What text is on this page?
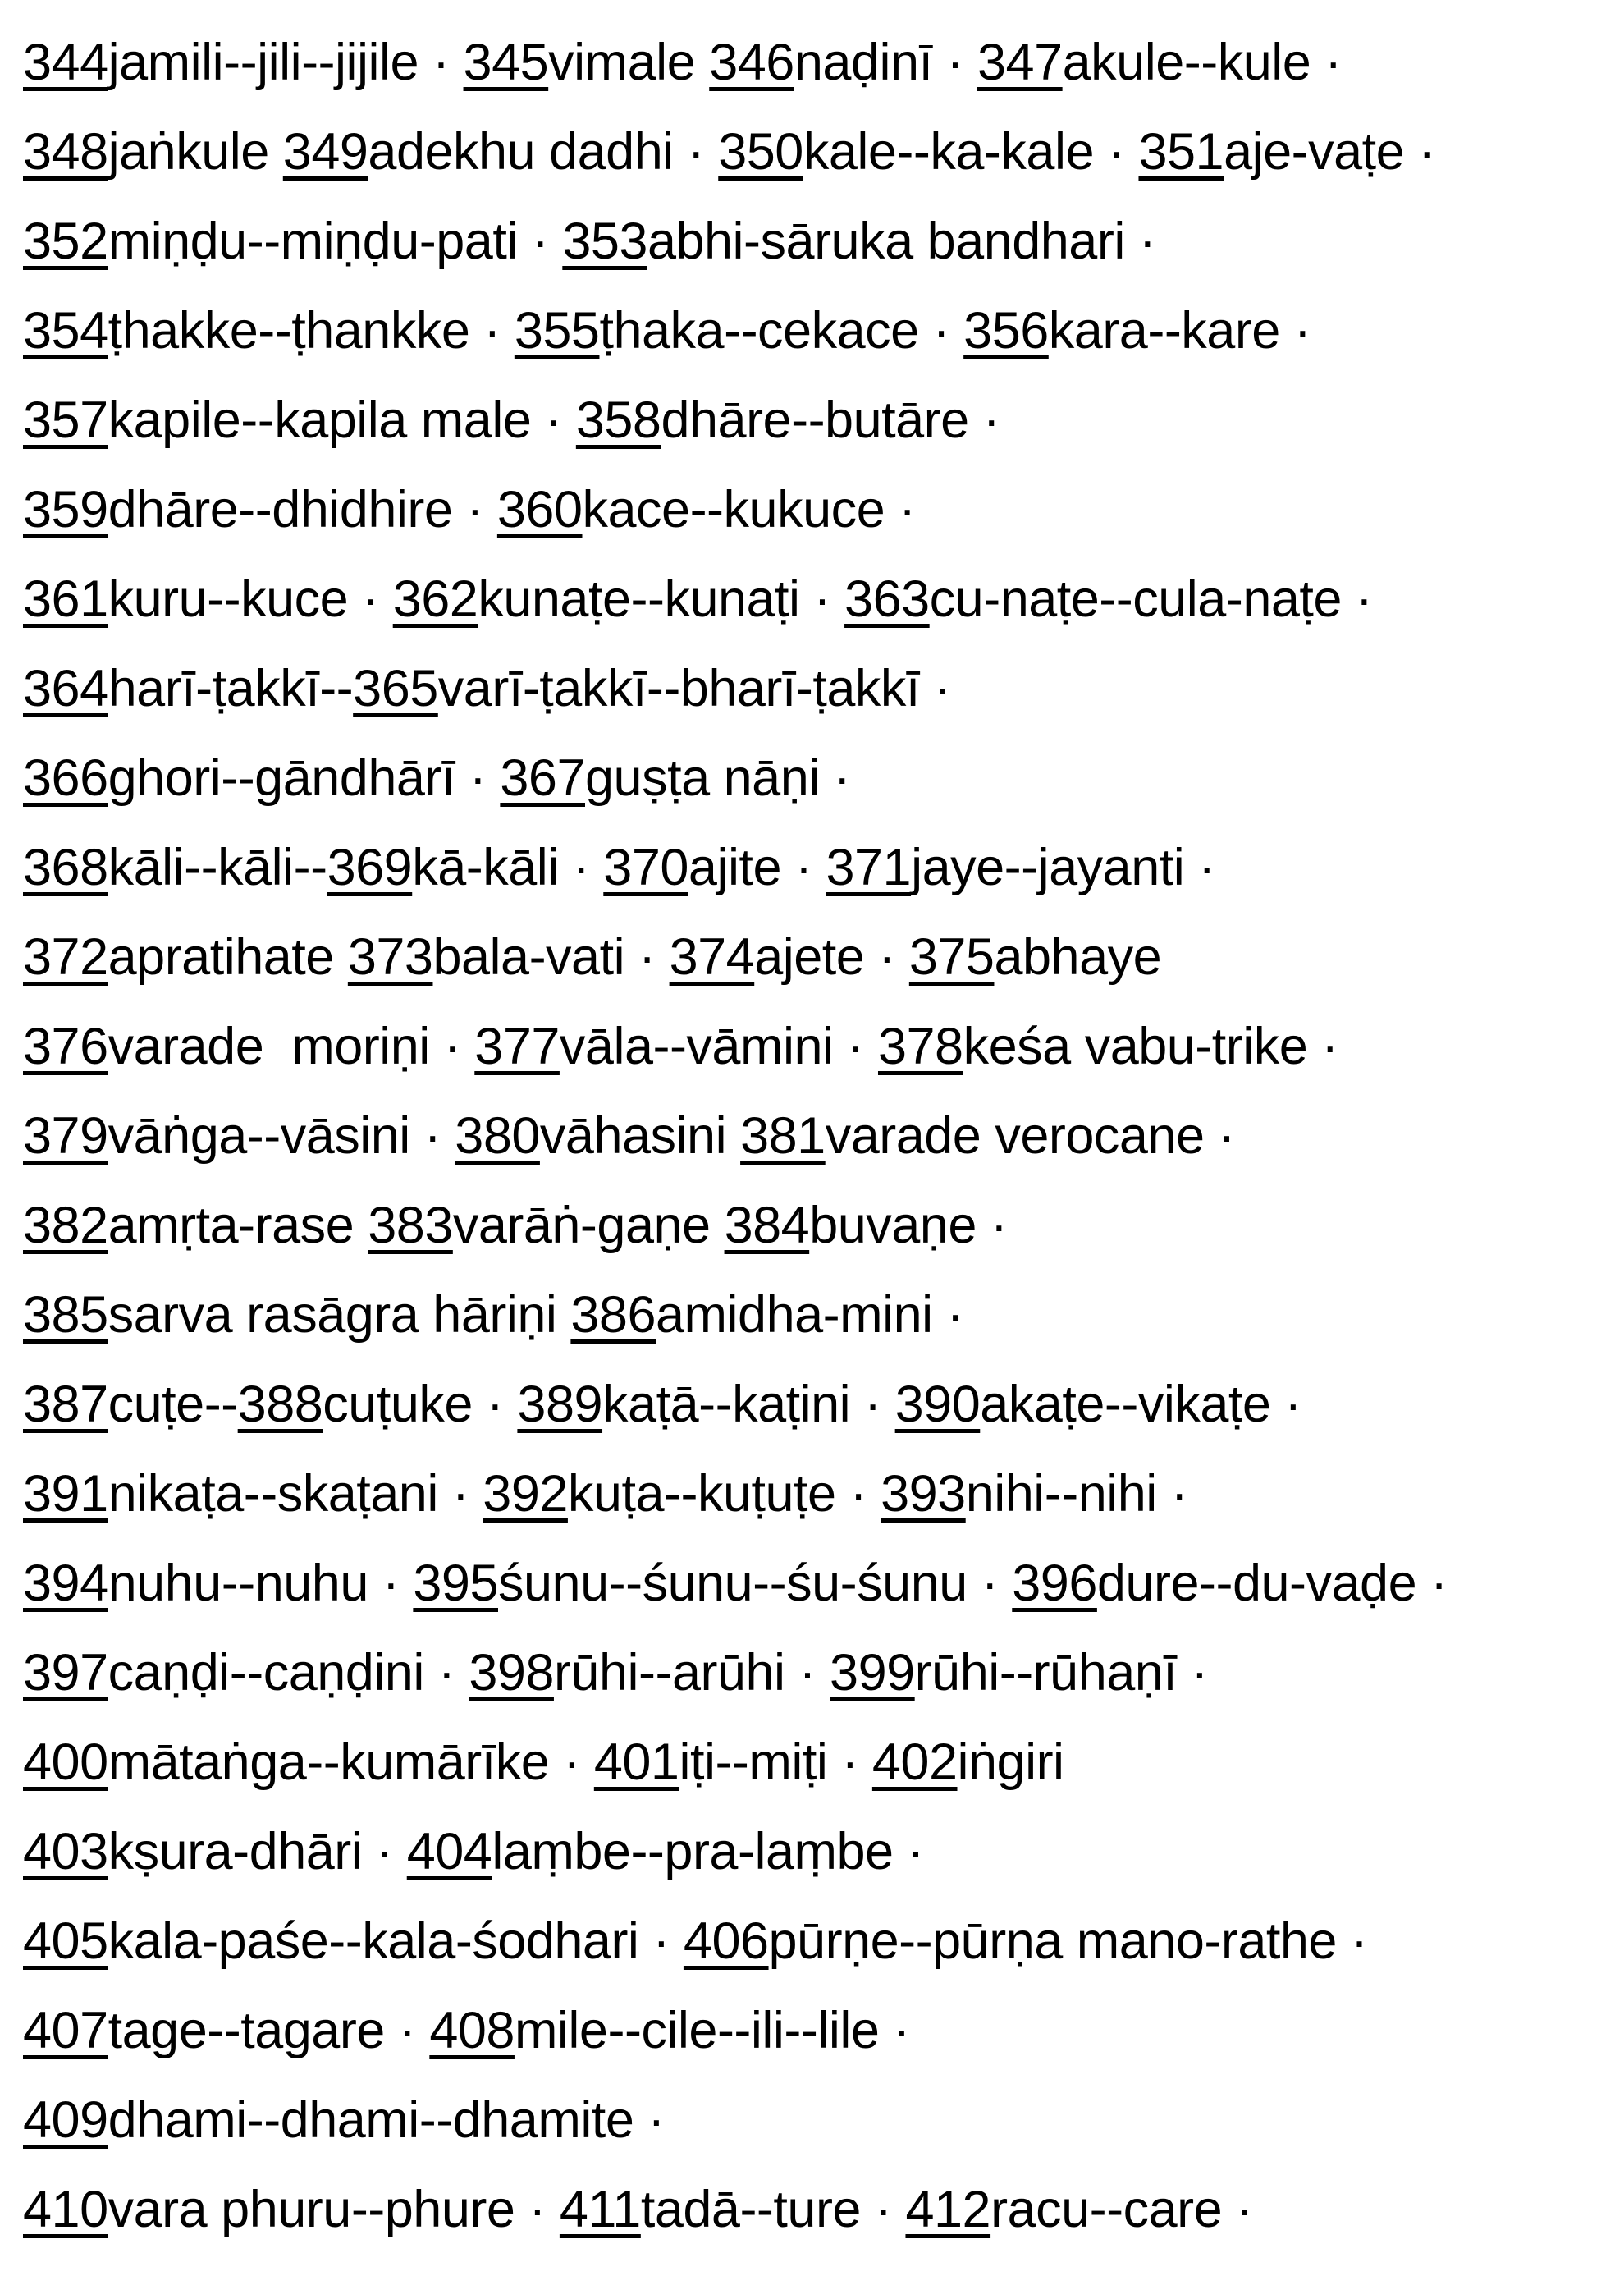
344jamili--jili--jijile · 345vimale 346naḍinī · 347akule--kule ·
348jaṅkule 349adekhu dadhi · 350kale--ka-kale · 351aje-vaṭe ·
352miṇḍu--miṇḍu-pati · 353abhi-sāruka bandhari ·
354ṭhakke--ṭhankke · 355ṭhaka--cekace · 356kara--kare ·
357kapile--kapila male · 358dhāre--butāre ·
359dhāre--dhidhire · 360kace--kukuce ·
361kuru--kuce · 362kunaṭe--kunaṭi · 363cu-naṭe--cula-naṭe ·
364harī-ṭakkī--365varī-ṭakkī--bharī-ṭakkī ·
366ghori--gāndhārī · 367guṣṭa nāṇi ·
368kāli--kāli--369kā-kāli · 370ajite · 371jaye--jayanti ·
372apratihate 373bala-vati · 374ajete · 375abhaye
376varade  moriṇi · 377vāla--vāmini · 378keśa vabu-trike ·
379vāṅga--vāsini · 380vāhasini 381varade verocane ·
382amṛta-rase 383varāṅ-gaṇe 384buvaṇe ·
385sarva rasāgra hāriṇi 386amidha-mini ·
387cuṭe--388cuṭuke · 389kaṭā--kaṭini · 390akaṭe--vikaṭe ·
391nikaṭa--skaṭani · 392kuṭa--kuṭuṭe · 393nihi--nihi ·
394nuhu--nuhu · 395śunu--śunu--śu-śunu · 396dure--du-vaḍe ·
397caṇḍi--caṇḍini · 398rūhi--arūhi · 399rūhi--rūhaṇī ·
400mātaṅga--kumārīke · 401iṭi--miṭi · 402iṅgiri
403kṣura-dhāri · 404laṃbe--pra-laṃbe ·
405kala-paśe--kala-śodhari · 406pūrṇe--pūrṇa mano-rathe ·
407tage--tagare · 408mile--cile--ili--lile ·
409dhami--dhami--dhamite ·
410vara phuru--phure · 411tadā--ture · 412racu--care ·
